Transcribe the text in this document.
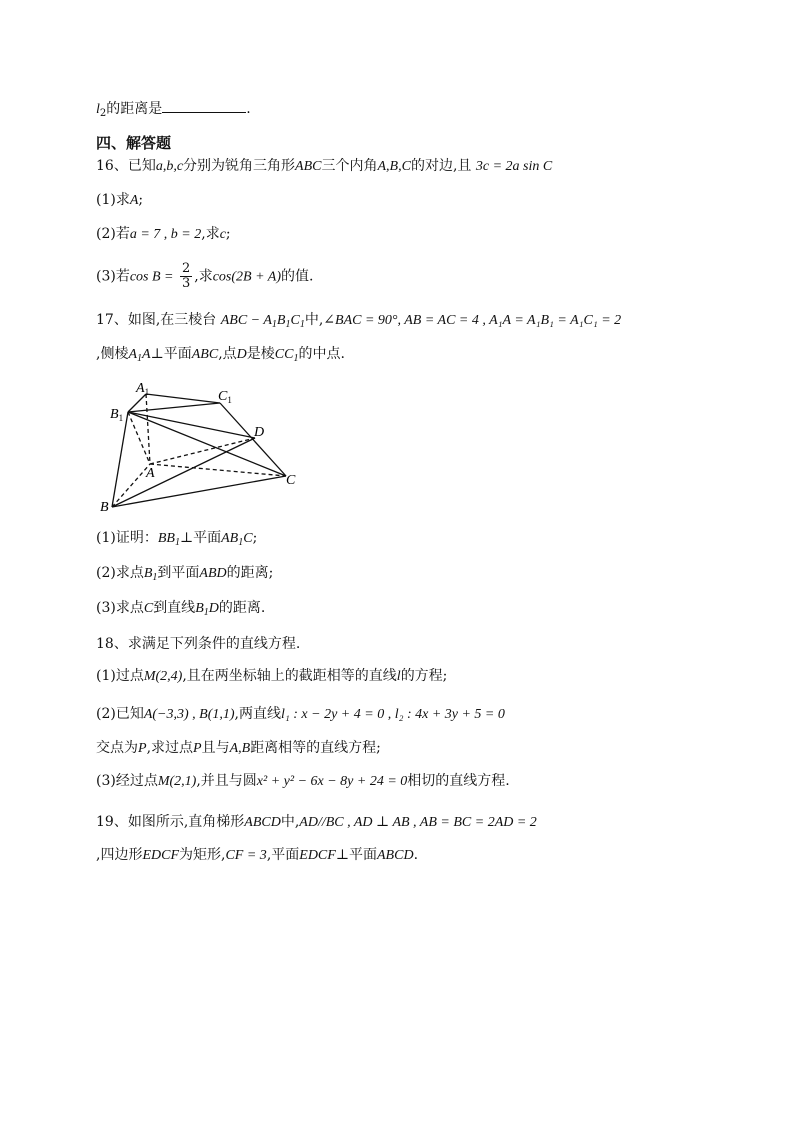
$l_2$的距离是	.
四、解答题
16、已知a,b,c分别为锐角三角形ABC三个内角A,B,C的对边,且 3c = 2a sin C
(1)求A;
(2)若a = 7 , b = 2,求c;
(3)若$\cos B = \frac{2}{3}$ ,求cos(2B + A)的值.
17、如图,在三棱台 ABC − $A_1B_1C_1$中,∠BAC = 90°, AB = AC = 4 , A₁A = A₁B₁ = A₁C₁ = 2
,侧棱$A_1A\perp$平面ABC,点D是棱$CC_1$的中点.
$A_1$	$C_1$
$B_1$
D
A	C
B
(1)证明：$BB_1\perp$平面$AB_1C$;
(2)求点$B_1$到平面ABD的距离;
(3)求点C到直线$B_1D$的距离.
18、求满足下列条件的直线方程.
(1)过点M(2,4),且在两坐标轴上的截距相等的直线l的方程;
(2)已知A(−3,3) , B(1,1),两直线l₁ : x − 2y + 4 = 0 , l₂ : 4x + 3y + 5 = 0
交点为P,求过点P且与A,B距离相等的直线方程;
(3)经过点M(2,1),并且与圆x² + y² − 6x − 8y + 24 = 0相切的直线方程.
19、如图所示,直角梯形ABCD中,AD//BC , AD ⊥ AB , AB = BC = 2AD = 2
,四边形EDCF为矩形,CF = 3,平面EDCF⊥平面ABCD.
